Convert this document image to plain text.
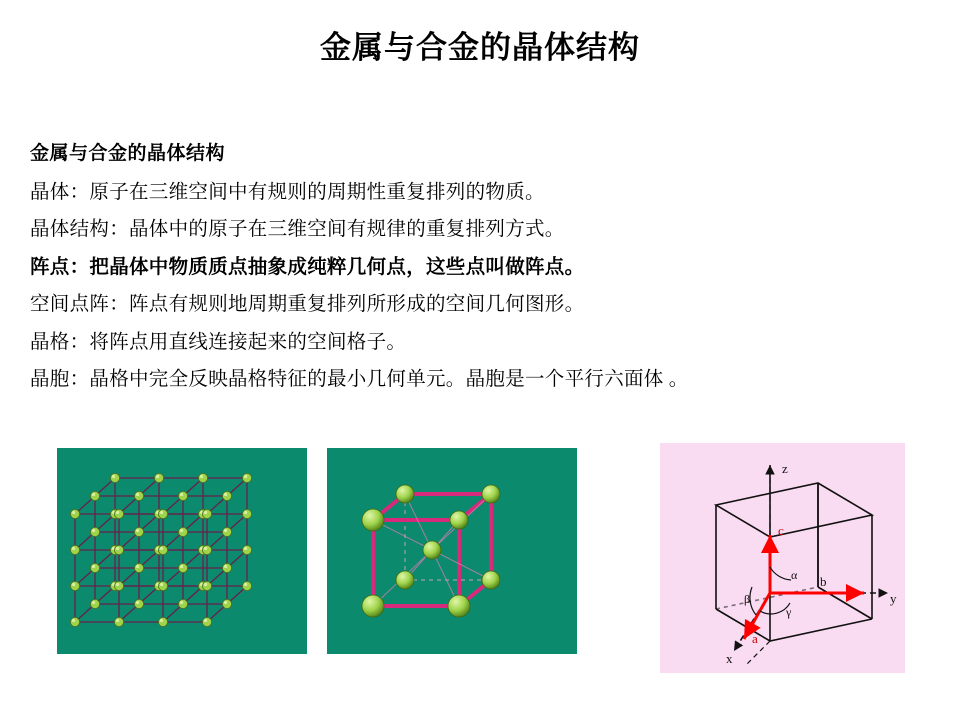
金属与合金的晶体结构

金属与合金的晶体结构

晶体：原子在三维空间中有规则的周期性重复排列的物质。

晶体结构：晶体中的原子在三维空间有规律的重复排列方式。

阵点：把晶体中物质质点抽象成纯粹几何点，这些点叫做阵点。

空间点阵：阵点有规则地周期重复排列所形成的空间几何图形。

晶格：将阵点用直线连接起来的空间格子。

晶胞：晶格中完全反映晶格特征的最小几何单元。晶胞是一个平行六面体 。

z
y
x
c
b
a
α
β
γ
